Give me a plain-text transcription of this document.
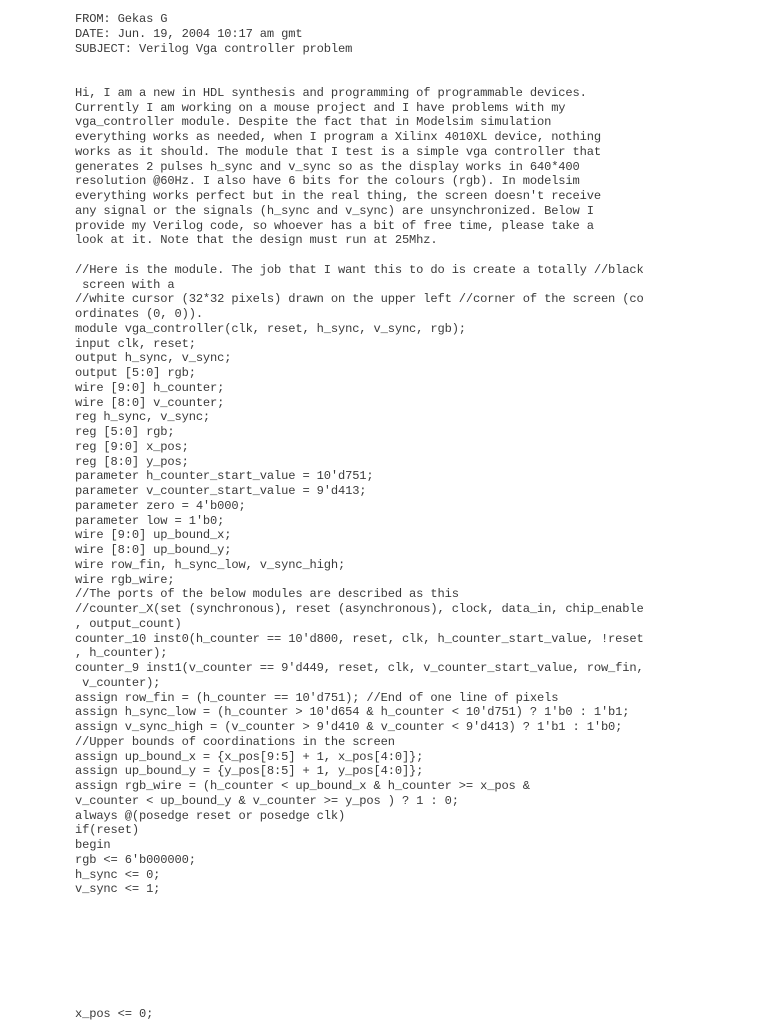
FROM: Gekas G
DATE: Jun. 19, 2004 10:17 am gmt
SUBJECT: Verilog Vga controller problem
Hi, I am a new in HDL synthesis and programming of programmable devices.
Currently I am working on a mouse project and I have problems with my
vga_controller module. Despite the fact that in Modelsim simulation
everything works as needed, when I program a Xilinx 4010XL device, nothing
works as it should. The module that I test is a simple vga controller that
generates 2 pulses h_sync and v_sync so as the display works in 640*400
resolution @60Hz. I also have 6 bits for the colours (rgb). In modelsim
everything works perfect but in the real thing, the screen doesn't receive
any signal or the signals (h_sync and v_sync) are unsynchronized. Below I
provide my Verilog code, so whoever has a bit of free time, please take a
look at it. Note that the design must run at 25Mhz.
//Here is the module. The job that I want this to do is create a totally //black
screen with a
//white cursor (32*32 pixels) drawn on the upper left //corner of the screen (co
ordinates (0, 0)).
module vga_controller(clk, reset, h_sync, v_sync, rgb);
input clk, reset;
output h_sync, v_sync;
output [5:0] rgb;
wire [9:0] h_counter;
wire [8:0] v_counter;
reg h_sync, v_sync;
reg [5:0] rgb;
reg [9:0] x_pos;
reg [8:0] y_pos;
parameter h_counter_start_value = 10'd751;
parameter v_counter_start_value = 9'd413;
parameter zero = 4'b000;
parameter low = 1'b0;
wire [9:0] up_bound_x;
wire [8:0] up_bound_y;
wire row_fin, h_sync_low, v_sync_high;
wire rgb_wire;
//The ports of the below modules are described as this
//counter_X(set (synchronous), reset (asynchronous), clock, data_in, chip_enable
, output_count)
counter_10 inst0(h_counter == 10'd800, reset, clk, h_counter_start_value, !reset
, h_counter);
counter_9 inst1(v_counter == 9'd449, reset, clk, v_counter_start_value, row_fin,
v_counter);
assign row_fin = (h_counter == 10'd751); //End of one line of pixels
assign h_sync_low = (h_counter > 10'd654 & h_counter < 10'd751) ? 1'b0 : 1'b1;
assign v_sync_high = (v_counter > 9'd410 & v_counter < 9'd413) ? 1'b1 : 1'b0;
//Upper bounds of coordinations in the screen
assign up_bound_x = {x_pos[9:5] + 1, x_pos[4:0]};
assign up_bound_y = {y_pos[8:5] + 1, y_pos[4:0]};
assign rgb_wire = (h_counter < up_bound_x & h_counter >= x_pos &
v_counter < up_bound_y & v_counter >= y_pos ) ? 1 : 0;
always @(posedge reset or posedge clk)
if(reset)
begin
rgb <= 6'b000000;
h_sync <= 0;
v_sync <= 1;
x_pos <= 0;
